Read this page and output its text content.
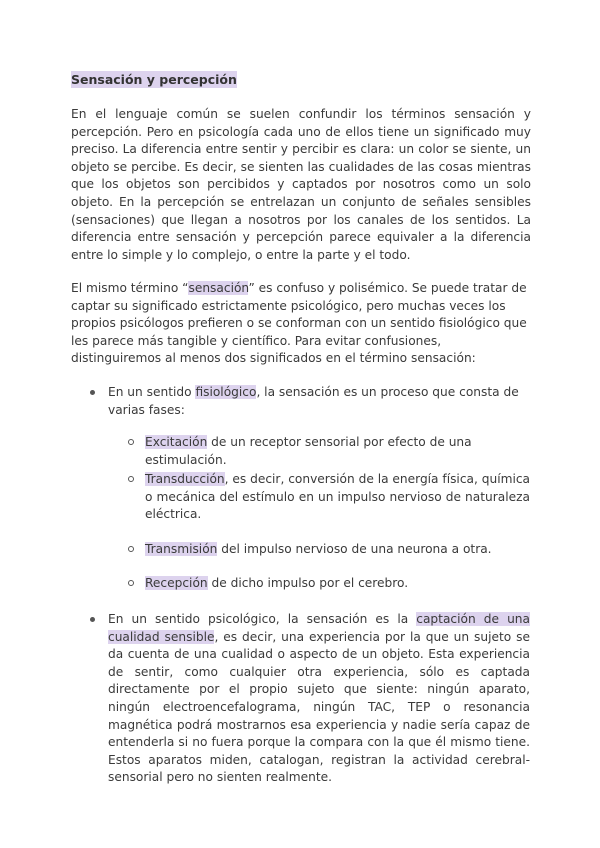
Sensación y percepción

En el lenguaje común se suelen confundir los términos sensación y percepción. Pero en psicología cada uno de ellos tiene un significado muy preciso. La diferencia entre sentir y percibir es clara: un color se siente, un objeto se percibe. Es decir, se sienten las cualidades de las cosas mientras que los objetos son percibidos y captados por nosotros como un solo objeto. En la percepción se entrelazan un conjunto de señales sensibles (sensaciones) que llegan a nosotros por los canales de los sentidos. La diferencia entre sensación y percepción parece equivaler a la diferencia entre lo simple y lo complejo, o entre la parte y el todo.

El mismo término “sensación” es confuso y polisémico. Se puede tratar de captar su significado estrictamente psicológico, pero muchas veces los propios psicólogos prefieren o se conforman con un sentido fisiológico que les parece más tangible y científico. Para evitar confusiones, distinguiremos al menos dos significados en el término sensación:

En un sentido fisiológico, la sensación es un proceso que consta de varias fases:
Excitación de un receptor sensorial por efecto de una estimulación.
Transducción, es decir, conversión de la energía física, química o mecánica del estímulo en un impulso nervioso de naturaleza eléctrica.
Transmisión del impulso nervioso de una neurona a otra.
Recepción de dicho impulso por el cerebro.
En un sentido psicológico, la sensación es la captación de una cualidad sensible, es decir, una experiencia por la que un sujeto se da cuenta de una cualidad o aspecto de un objeto. Esta experiencia de sentir, como cualquier otra experiencia, sólo es captada directamente por el propio sujeto que siente: ningún aparato, ningún electroencefalograma, ningún TAC, TEP o resonancia magnética podrá mostrarnos esa experiencia y nadie sería capaz de entenderla si no fuera porque la compara con la que él mismo tiene. Estos aparatos miden, catalogan, registran la actividad cerebral-sensorial pero no sienten realmente.
